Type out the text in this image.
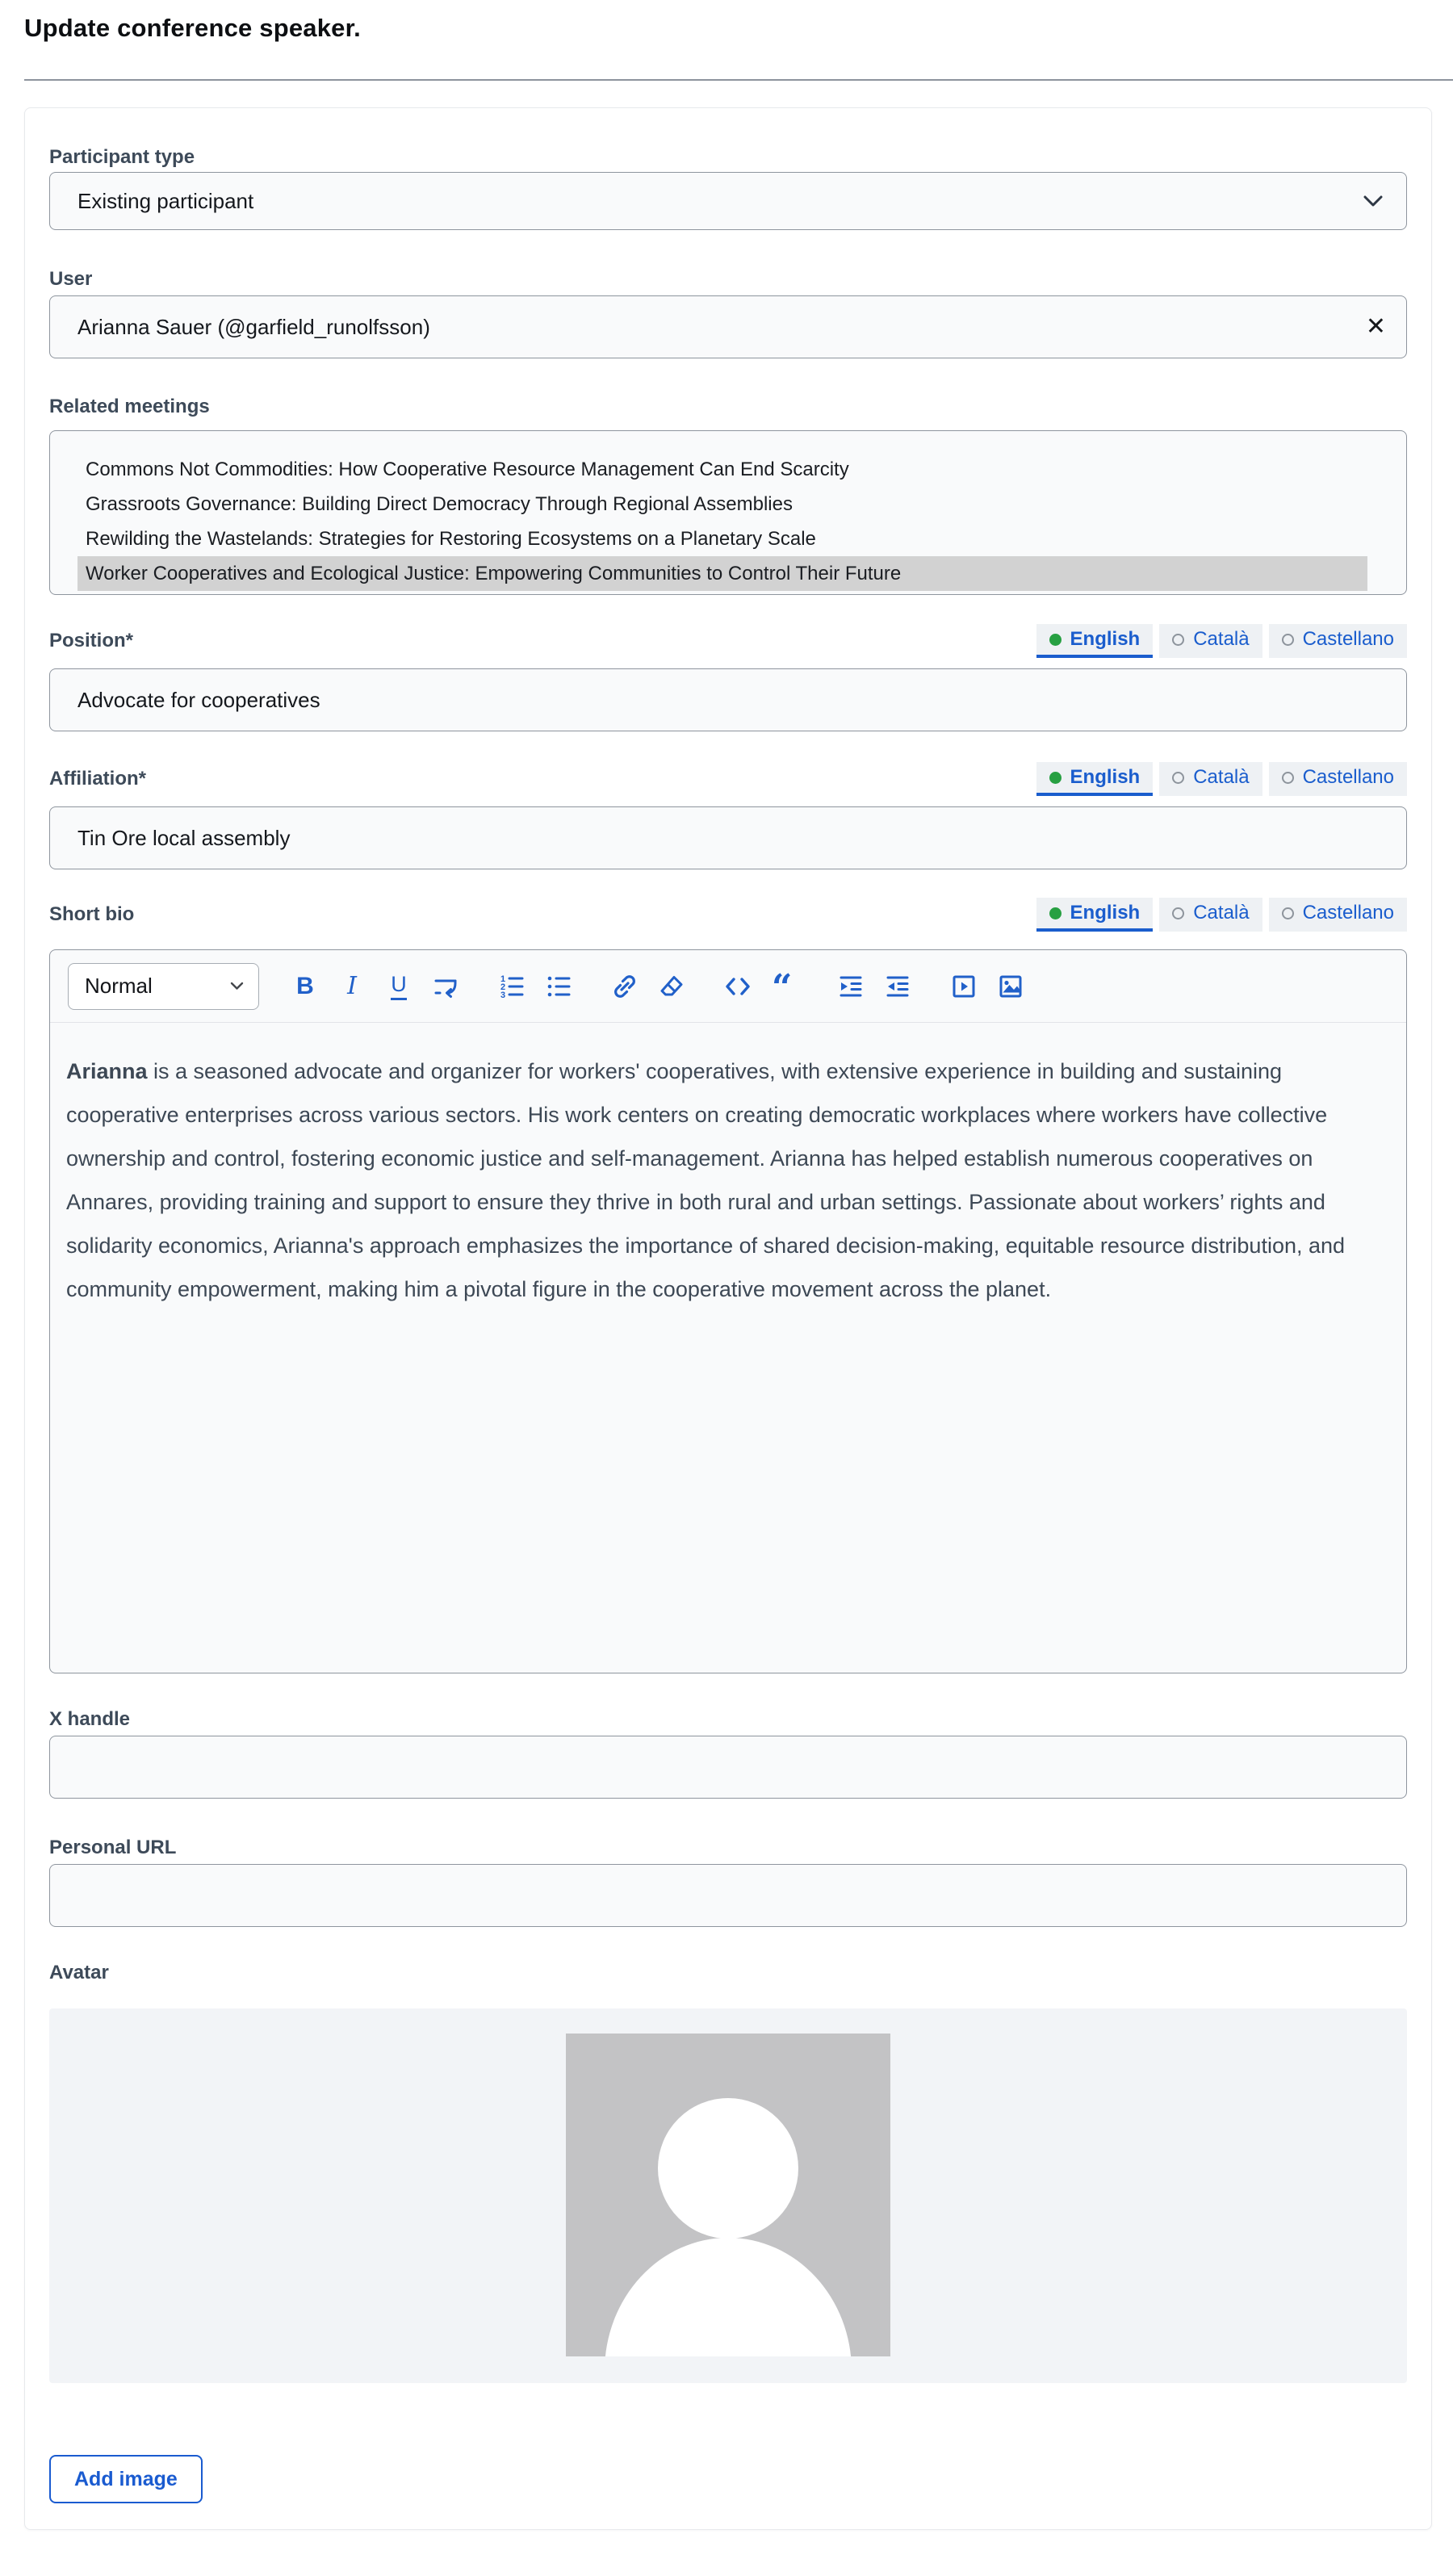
Update conference speaker.
Participant type
Existing participant
User
Arianna Sauer (@garfield_runolfsson)
✕
Related meetings
Commons Not Commodities: How Cooperative Resource Management Can End Scarcity
Grassroots Governance: Building Direct Democracy Through Regional Assemblies
Rewilding the Wastelands: Strategies for Restoring Ecosystems on a Planetary Scale
Worker Cooperatives and Ecological Justice: Empowering Communities to Control Their Future
Position*	English	Català	Castellano
Advocate for cooperatives
Affiliation*	English	Català	Castellano
Tin Ore local assembly
Short bio	English	Català	Castellano
Normal	B I U	1
2
3	“

Arianna is a seasoned advocate and organizer for workers' cooperatives, with extensive experience in building and sustaining cooperative enterprises across various sectors. His work centers on creating democratic workplaces where workers have collective ownership and control, fostering economic justice and self-management. Arianna has helped establish numerous cooperatives on Annares, providing training and support to ensure they thrive in both rural and urban settings. Passionate about workers’ rights and solidarity economics, Arianna's approach emphasizes the importance of shared decision-making, equitable resource distribution, and community empowerment, making him a pivotal figure in the cooperative movement across the planet.

X handle
Personal URL
Avatar
Add image
